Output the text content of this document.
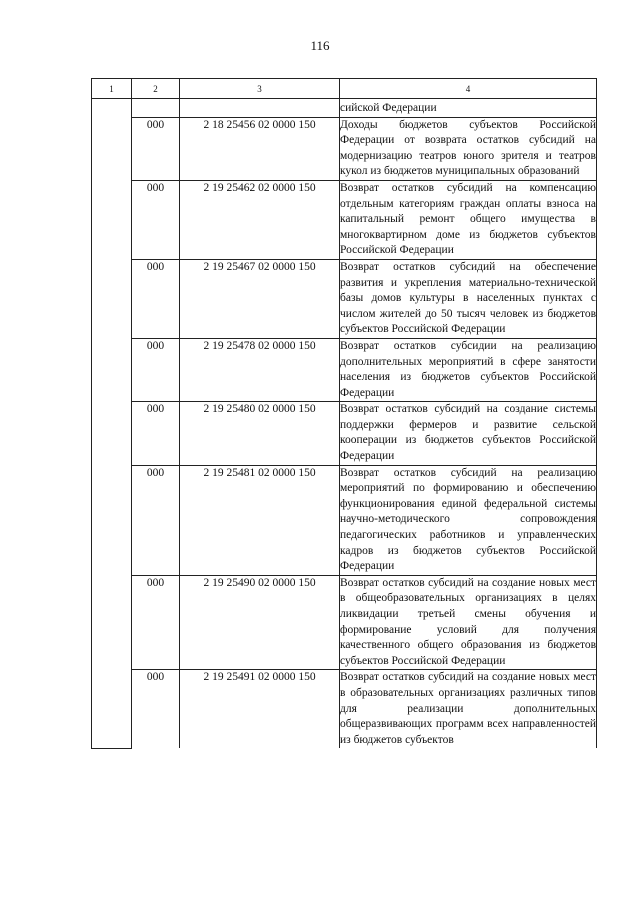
116
1	2	3	4
			сийской Федерации
	000	2 18 25456 02 0000 150	Доходы бюджетов субъектов Российской Федерации от возврата остатков субсидий на модернизацию театров юного зрителя и театров кукол из бюджетов муниципальных образований
	000	2 19 25462 02 0000 150	Возврат остатков субсидий на компенсацию отдельным категориям граждан оплаты взноса на капитальный ремонт общего имущества в многоквартирном доме из бюджетов субъектов Российской Федерации
	000	2 19 25467 02 0000 150	Возврат остатков субсидий на обеспечение развития и укрепления материально-технической базы домов культуры в населенных пунктах с числом жителей до 50 тысяч человек из бюджетов субъектов Российской Федерации
	000	2 19 25478 02 0000 150	Возврат остатков субсидии на реализацию дополнительных мероприятий в сфере занятости населения из бюджетов субъектов Российской Федерации
	000	2 19 25480 02 0000 150	Возврат остатков субсидий на создание системы поддержки фермеров и развитие сельской кооперации из бюджетов субъектов Российской Федерации
	000	2 19 25481 02 0000 150	Возврат остатков субсидий на реализацию мероприятий по формированию и обеспечению функционирования единой федеральной системы научно-методического сопровождения педагогических работников и управленческих кадров из бюджетов субъектов Российской Федерации
	000	2 19 25490 02 0000 150	Возврат остатков субсидий на создание новых мест в общеобразовательных организациях в целях ликвидации третьей смены обучения и формирование условий для получения качественного общего образования из бюджетов субъектов Российской Федерации
	000	2 19 25491 02 0000 150	Возврат остатков субсидий на создание новых мест в образовательных организациях различных типов для реализации дополнительных общеразвивающих программ всех направленностей из бюджетов субъектов
